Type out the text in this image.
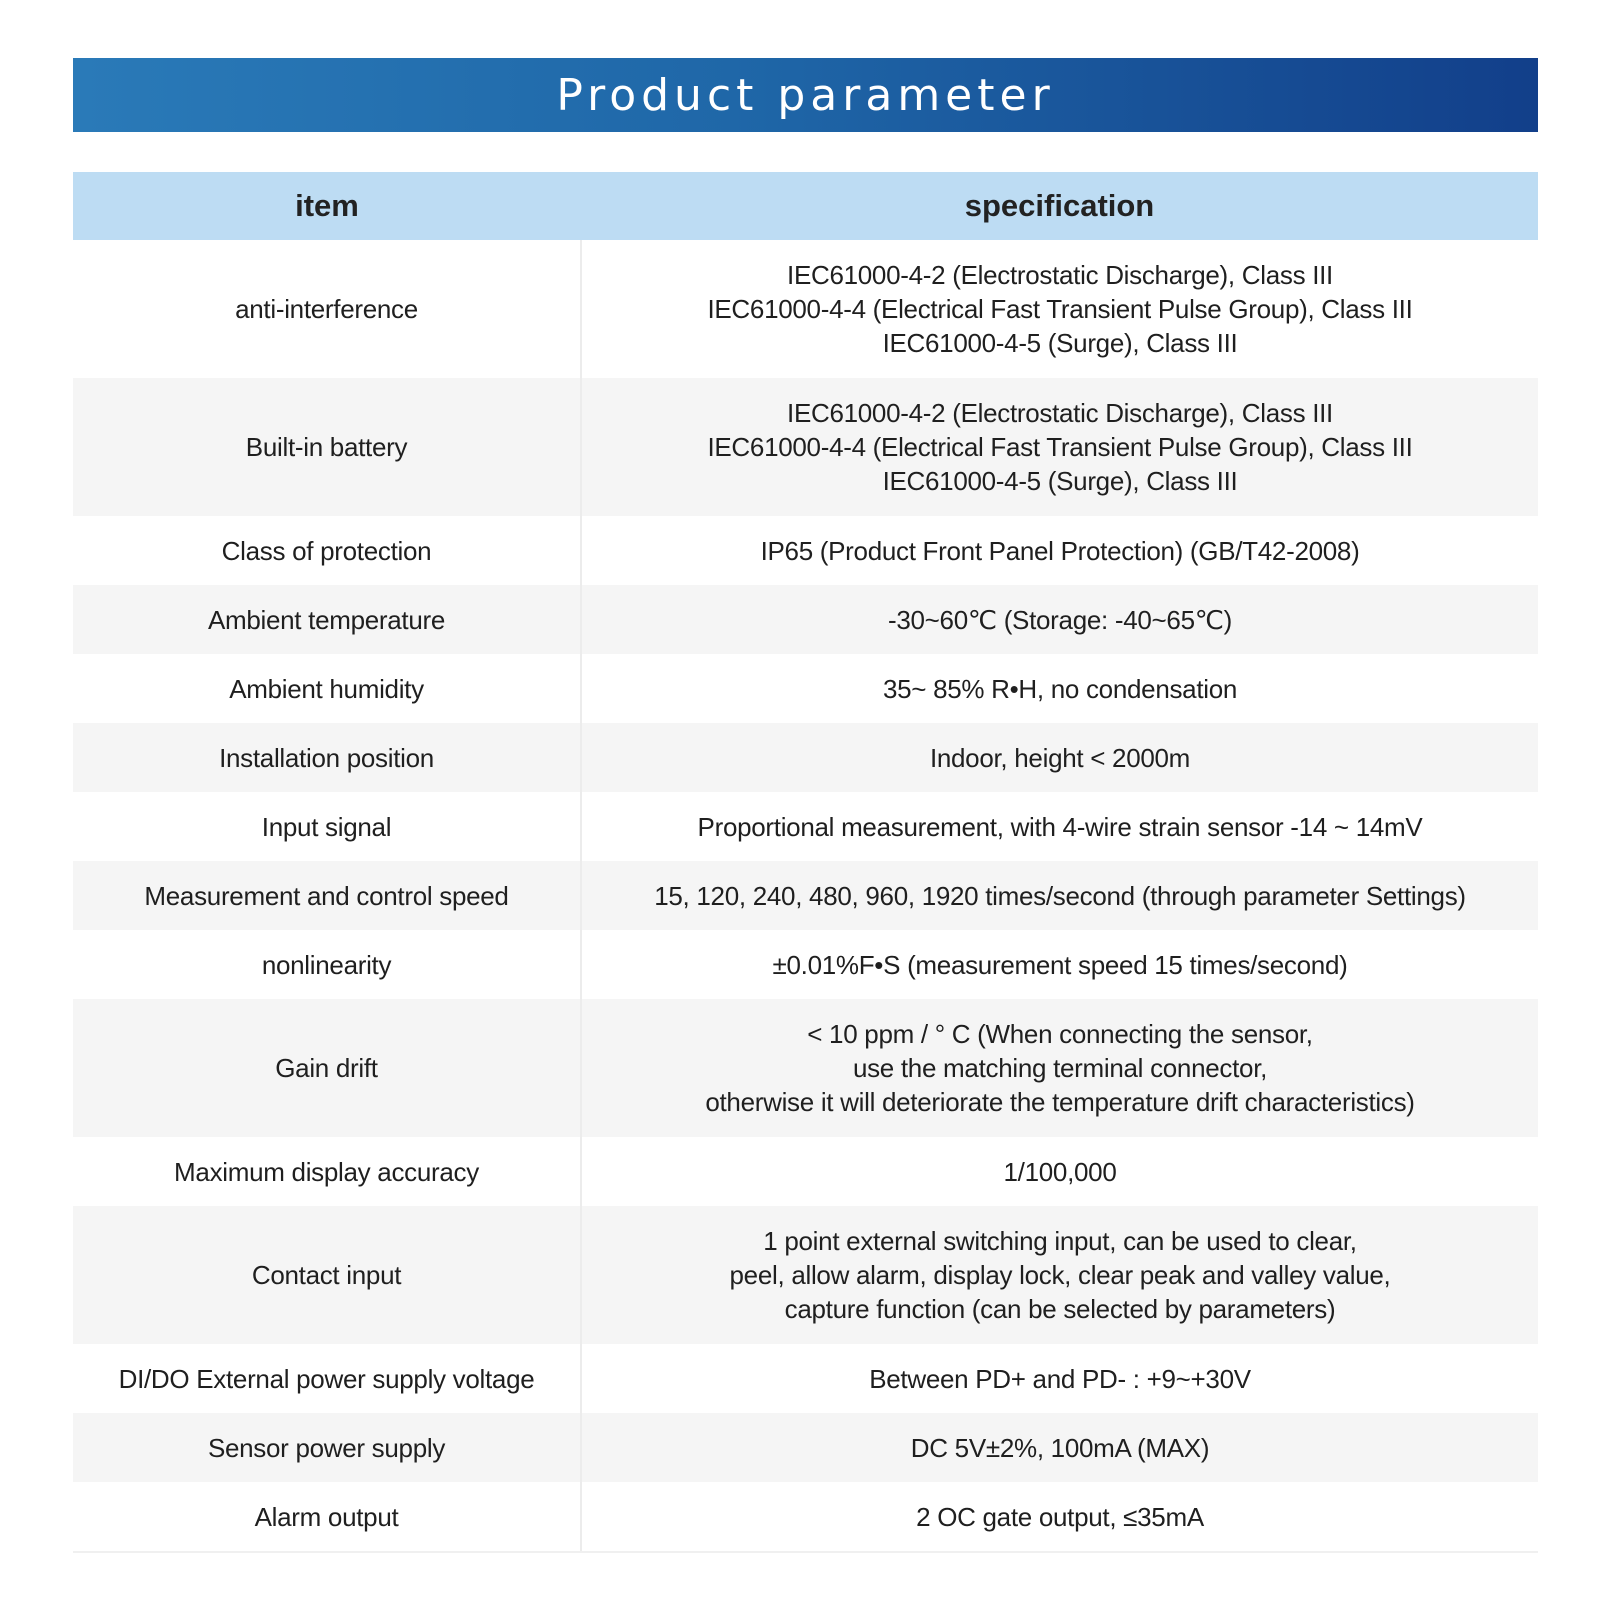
Product parameter
item	specification
anti-interference	IEC61000-4-2 (Electrostatic Discharge), Class III
IEC61000-4-4 (Electrical Fast Transient Pulse Group), Class III
IEC61000-4-5 (Surge), Class III

Built-in battery	IEC61000-4-2 (Electrostatic Discharge), Class III
IEC61000-4-4 (Electrical Fast Transient Pulse Group), Class III
IEC61000-4-5 (Surge), Class III

Class of protection	IP65 (Product Front Panel Protection) (GB/T42-2008)
Ambient temperature	-30~60℃ (Storage: -40~65℃)
Ambient humidity	35~ 85% R•H, no condensation
Installation position	Indoor, height < 2000m
Input signal	Proportional measurement, with 4-wire strain sensor -14 ~ 14mV
Measurement and control speed	15, 120, 240, 480, 960, 1920 times/second (through parameter Settings)
nonlinearity	±0.01%F•S (measurement speed 15 times/second)
Gain drift	< 10 ppm / ° C (When connecting the sensor,
use the matching terminal connector,
otherwise it will deteriorate the temperature drift characteristics)

Maximum display accuracy	1/100,000
Contact input	1 point external switching input, can be used to clear,
peel, allow alarm, display lock, clear peak and valley value,
capture function (can be selected by parameters)

DI/DO External power supply voltage	Between PD+ and PD- : +9~+30V
Sensor power supply	DC 5V±2%, 100mA (MAX)
Alarm output	2 OC gate output, ≤35mA
